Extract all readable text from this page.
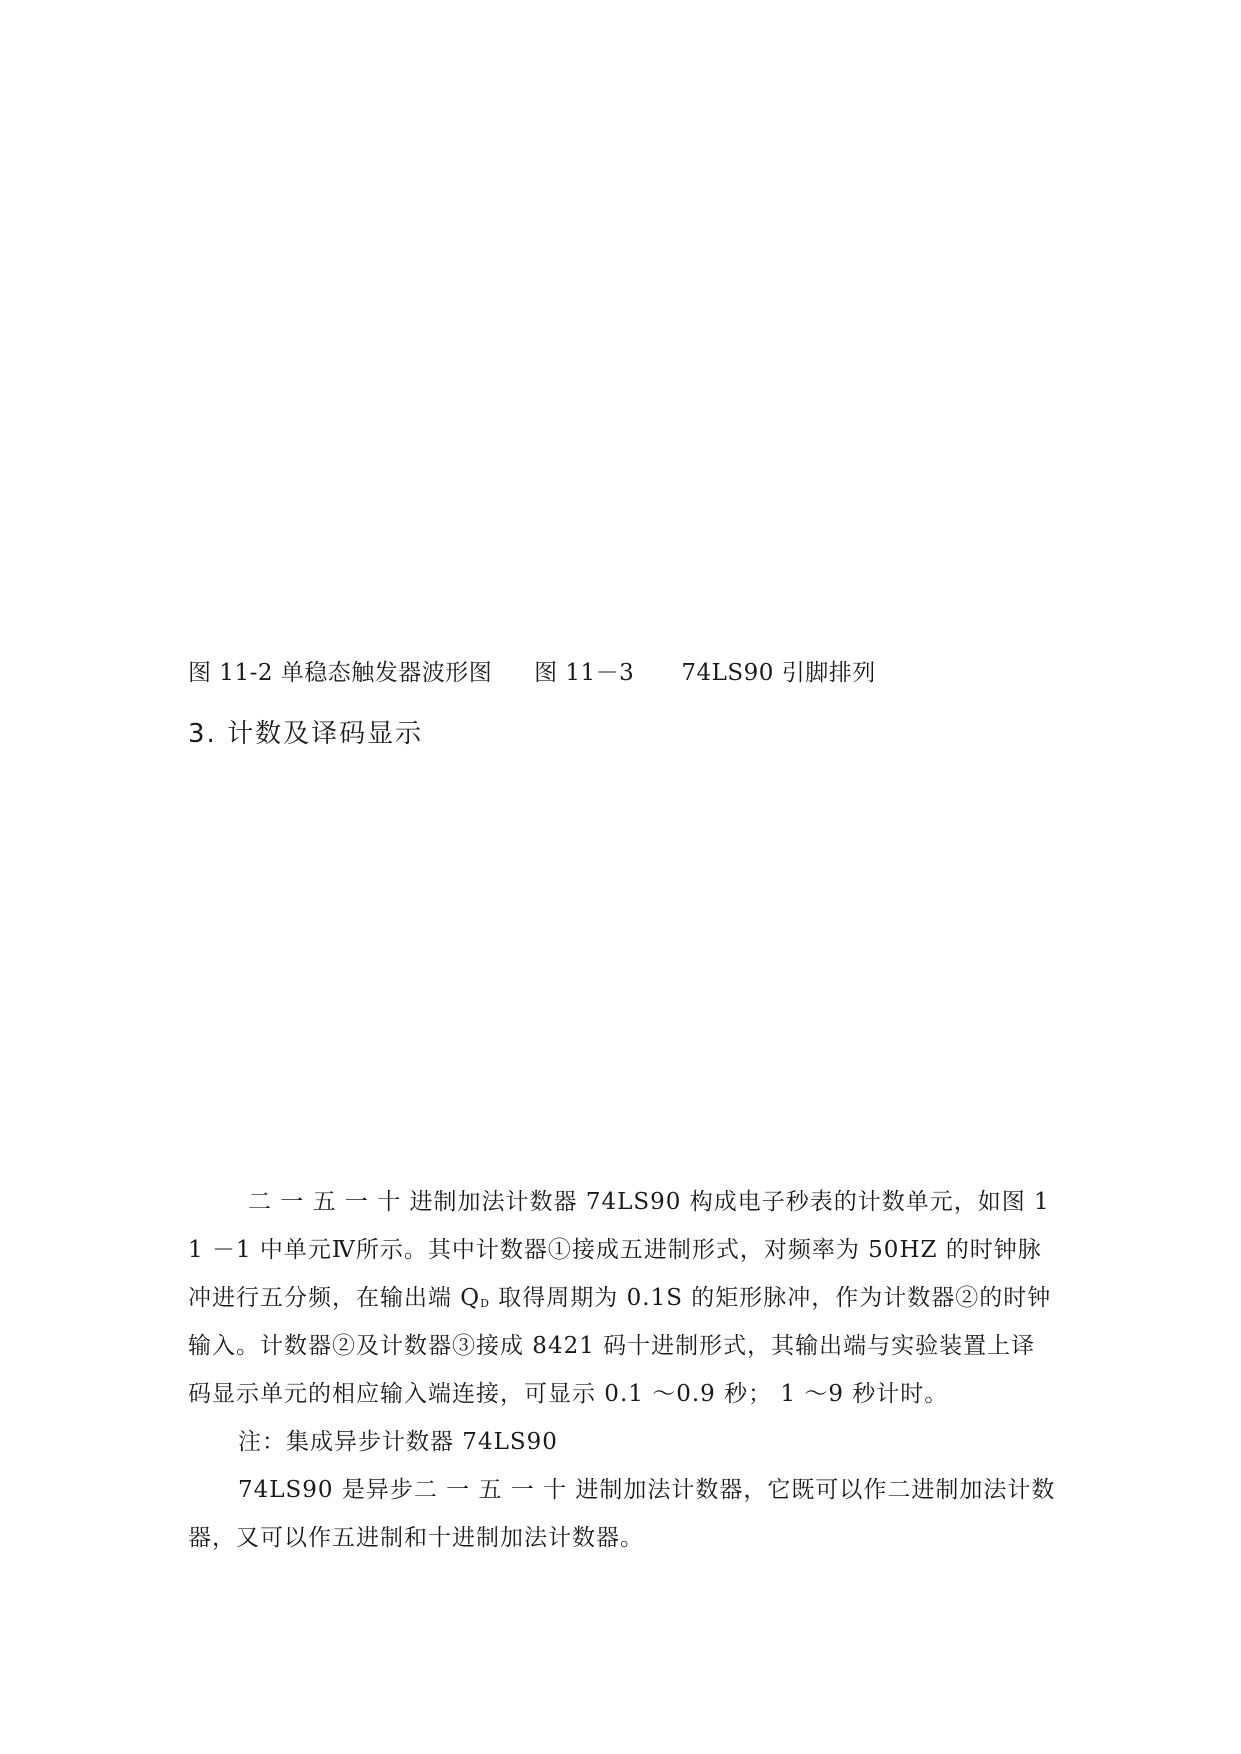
图 11-2 单稳态触发器波形图 图 11－3　　74LS90 引脚排列
3. 计数及译码显示
二 一 五 一 十 进制加法计数器 74LS90 构成电子秒表的计数单元，如图 1
1 －1 中单元Ⅳ所示。其中计数器①接成五进制形式，对频率为 50HZ 的时钟脉
冲进行五分频，在输出端 $Q_D$ 取得周期为 0.1S 的矩形脉冲，作为计数器②的时钟
输入。计数器②及计数器③接成 8421 码十进制形式，其输出端与实验装置上译
码显示单元的相应输入端连接，可显示 0.1 ～0.9 秒； 1 ～9 秒计时。
注：集成异步计数器 74LS90
74LS90 是异步二 一 五 一 十 进制加法计数器，它既可以作二进制加法计数
器，又可以作五进制和十进制加法计数器。
